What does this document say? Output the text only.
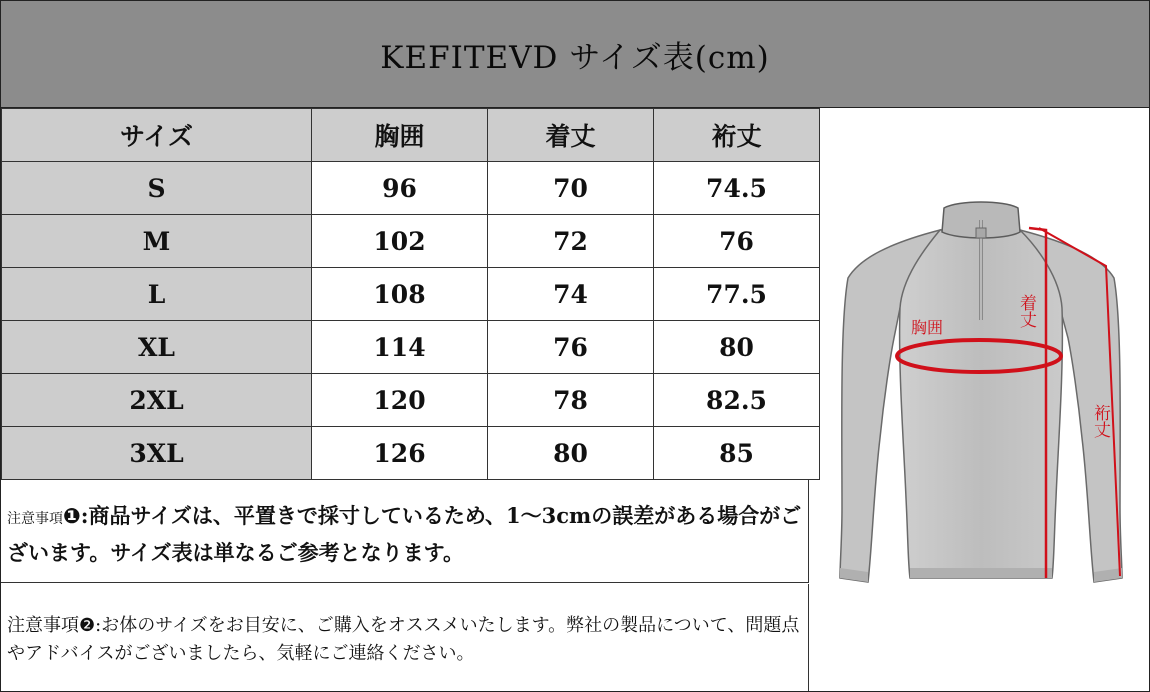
KEFITEVD サイズ表(cm)
サイズ	胸囲	着丈	裄丈
S	96	70	74.5
M	102	72	76
L	108	74	77.5
XL	114	76	80
2XL	120	78	82.5
3XL	126	80	85
注意事項❶:商品サイズは、平置きで採寸しているため、1～3cmの誤差がある場合がございます。サイズ表は単なるご参考となります。
注意事項❷:お体のサイズをお目安に、ご購入をオススメいたします。弊社の製品について、問題点やアドバイスがございましたら、気軽にご連絡ください。
着丈
胸囲
裄丈
